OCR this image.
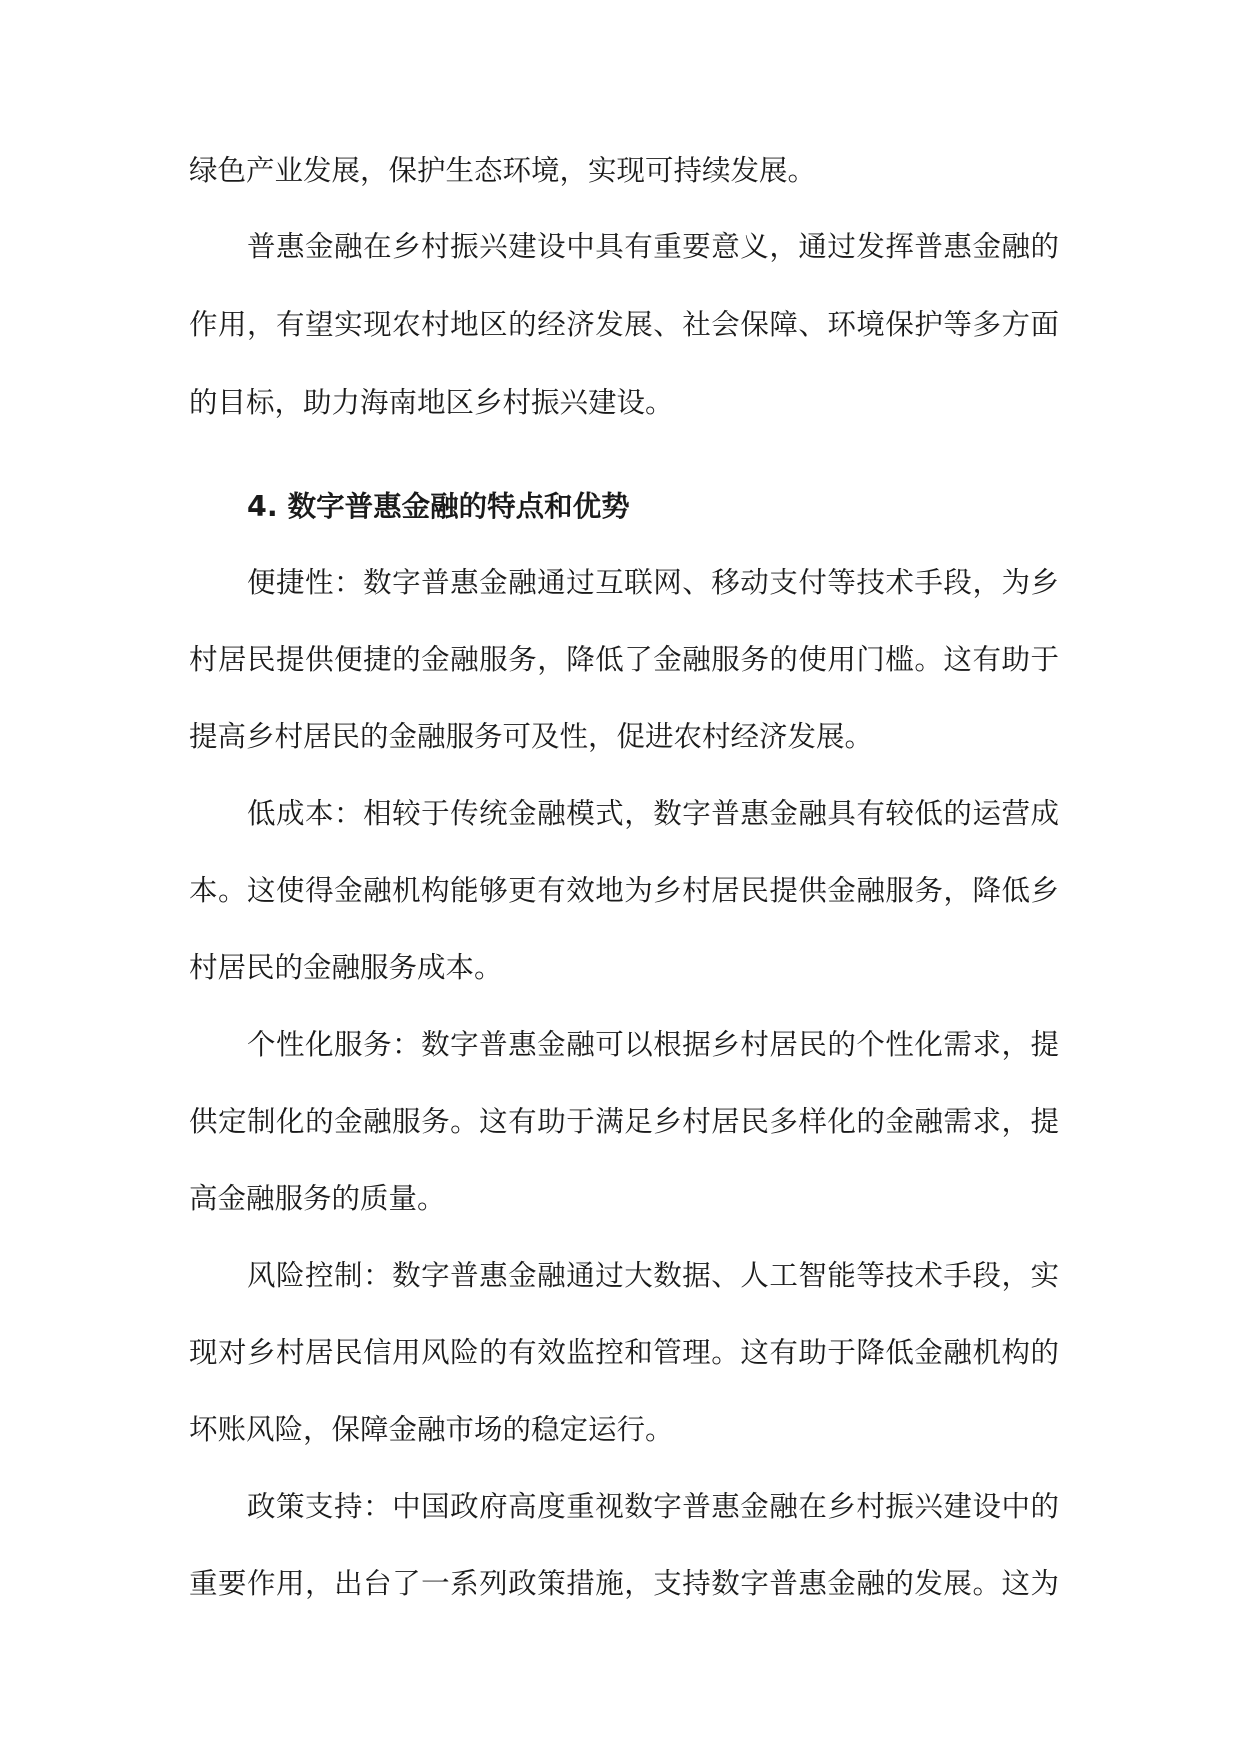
绿色产业发展，保护生态环境，实现可持续发展。
普惠金融在乡村振兴建设中具有重要意义，通过发挥普惠金融的
作用，有望实现农村地区的经济发展、社会保障、环境保护等多方面
的目标，助力海南地区乡村振兴建设。
4. 数字普惠金融的特点和优势
便捷性：数字普惠金融通过互联网、移动支付等技术手段，为乡
村居民提供便捷的金融服务，降低了金融服务的使用门槛。这有助于
提高乡村居民的金融服务可及性，促进农村经济发展。
低成本：相较于传统金融模式，数字普惠金融具有较低的运营成
本。这使得金融机构能够更有效地为乡村居民提供金融服务，降低乡
村居民的金融服务成本。
个性化服务：数字普惠金融可以根据乡村居民的个性化需求，提
供定制化的金融服务。这有助于满足乡村居民多样化的金融需求，提
高金融服务的质量。
风险控制：数字普惠金融通过大数据、人工智能等技术手段，实
现对乡村居民信用风险的有效监控和管理。这有助于降低金融机构的
坏账风险，保障金融市场的稳定运行。
政策支持：中国政府高度重视数字普惠金融在乡村振兴建设中的
重要作用，出台了一系列政策措施，支持数字普惠金融的发展。这为
